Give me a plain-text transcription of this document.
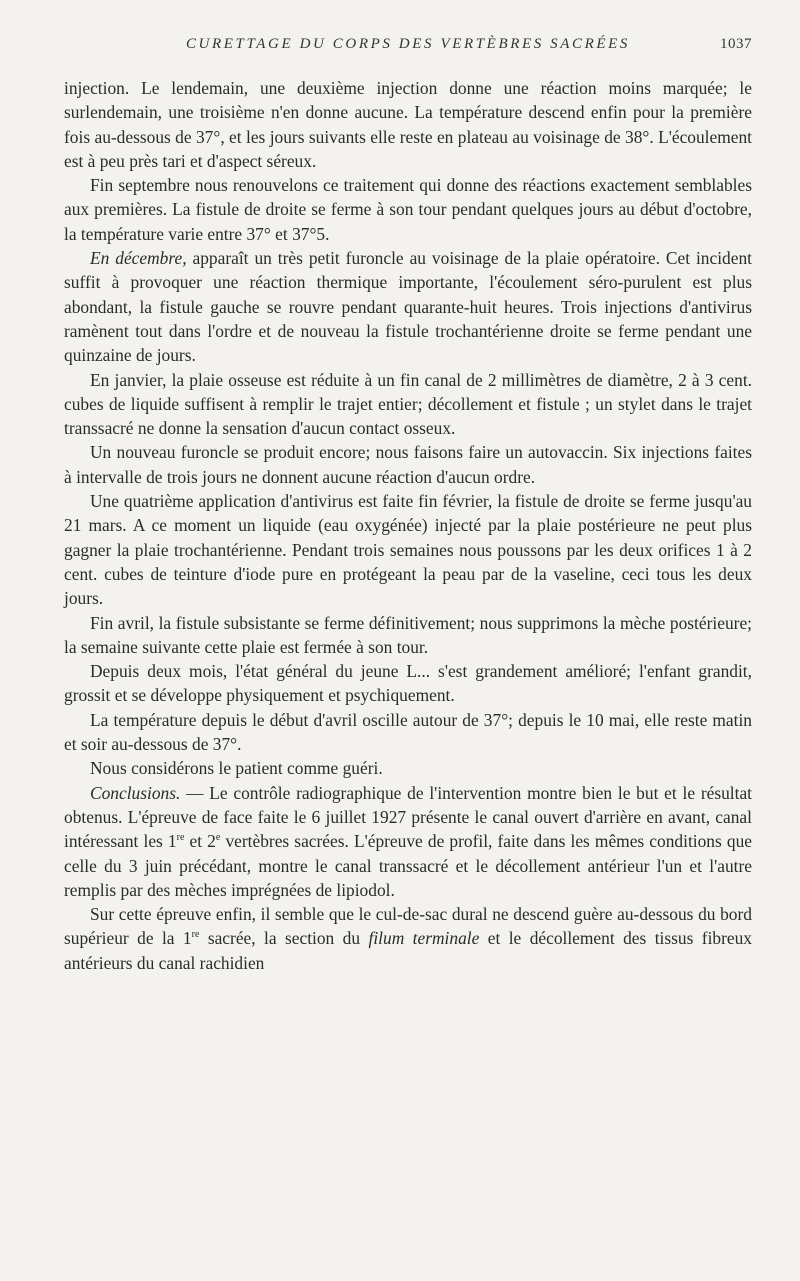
CURETTAGE DU CORPS DES VERTÈBRES SACRÉES	1037

injection. Le lendemain, une deuxième injection donne une réaction moins marquée; le surlendemain, une troisième n'en donne aucune. La température descend enfin pour la première fois au-dessous de 37°, et les jours suivants elle reste en plateau au voisinage de 38°. L'écoulement est à peu près tari et d'aspect séreux.

Fin septembre nous renouvelons ce traitement qui donne des réactions exactement semblables aux premières. La fistule de droite se ferme à son tour pendant quelques jours au début d'octobre, la température varie entre 37° et 37°5.

En décembre, apparaît un très petit furoncle au voisinage de la plaie opératoire. Cet incident suffit à provoquer une réaction thermique importante, l'écoulement séro-purulent est plus abondant, la fistule gauche se rouvre pendant quarante-huit heures. Trois injections d'antivirus ramènent tout dans l'ordre et de nouveau la fistule trochantérienne droite se ferme pendant une quinzaine de jours.

En janvier, la plaie osseuse est réduite à un fin canal de 2 millimètres de diamètre, 2 à 3 cent. cubes de liquide suffisent à remplir le trajet entier; décollement et fistule ; un stylet dans le trajet transsacré ne donne la sensation d'aucun contact osseux.

Un nouveau furoncle se produit encore; nous faisons faire un autovaccin. Six injections faites à intervalle de trois jours ne donnent aucune réaction d'aucun ordre.

Une quatrième application d'antivirus est faite fin février, la fistule de droite se ferme jusqu'au 21 mars. A ce moment un liquide (eau oxygénée) injecté par la plaie postérieure ne peut plus gagner la plaie trochantérienne. Pendant trois semaines nous poussons par les deux orifices 1 à 2 cent. cubes de teinture d'iode pure en protégeant la peau par de la vaseline, ceci tous les deux jours.

Fin avril, la fistule subsistante se ferme définitivement; nous supprimons la mèche postérieure; la semaine suivante cette plaie est fermée à son tour.

Depuis deux mois, l'état général du jeune L... s'est grandement amélioré; l'enfant grandit, grossit et se développe physiquement et psychiquement.

La température depuis le début d'avril oscille autour de 37°; depuis le 10 mai, elle reste matin et soir au-dessous de 37°.

Nous considérons le patient comme guéri.

Conclusions. — Le contrôle radiographique de l'intervention montre bien le but et le résultat obtenus. L'épreuve de face faite le 6 juillet 1927 présente le canal ouvert d'arrière en avant, canal intéressant les 1re et 2e vertèbres sacrées. L'épreuve de profil, faite dans les mêmes conditions que celle du 3 juin précédant, montre le canal transsacré et le décollement antérieur l'un et l'autre remplis par des mèches imprégnées de lipiodol.

Sur cette épreuve enfin, il semble que le cul-de-sac dural ne descend guère au-dessous du bord supérieur de la 1re sacrée, la section du filum terminale et le décollement des tissus fibreux antérieurs du canal rachidien
